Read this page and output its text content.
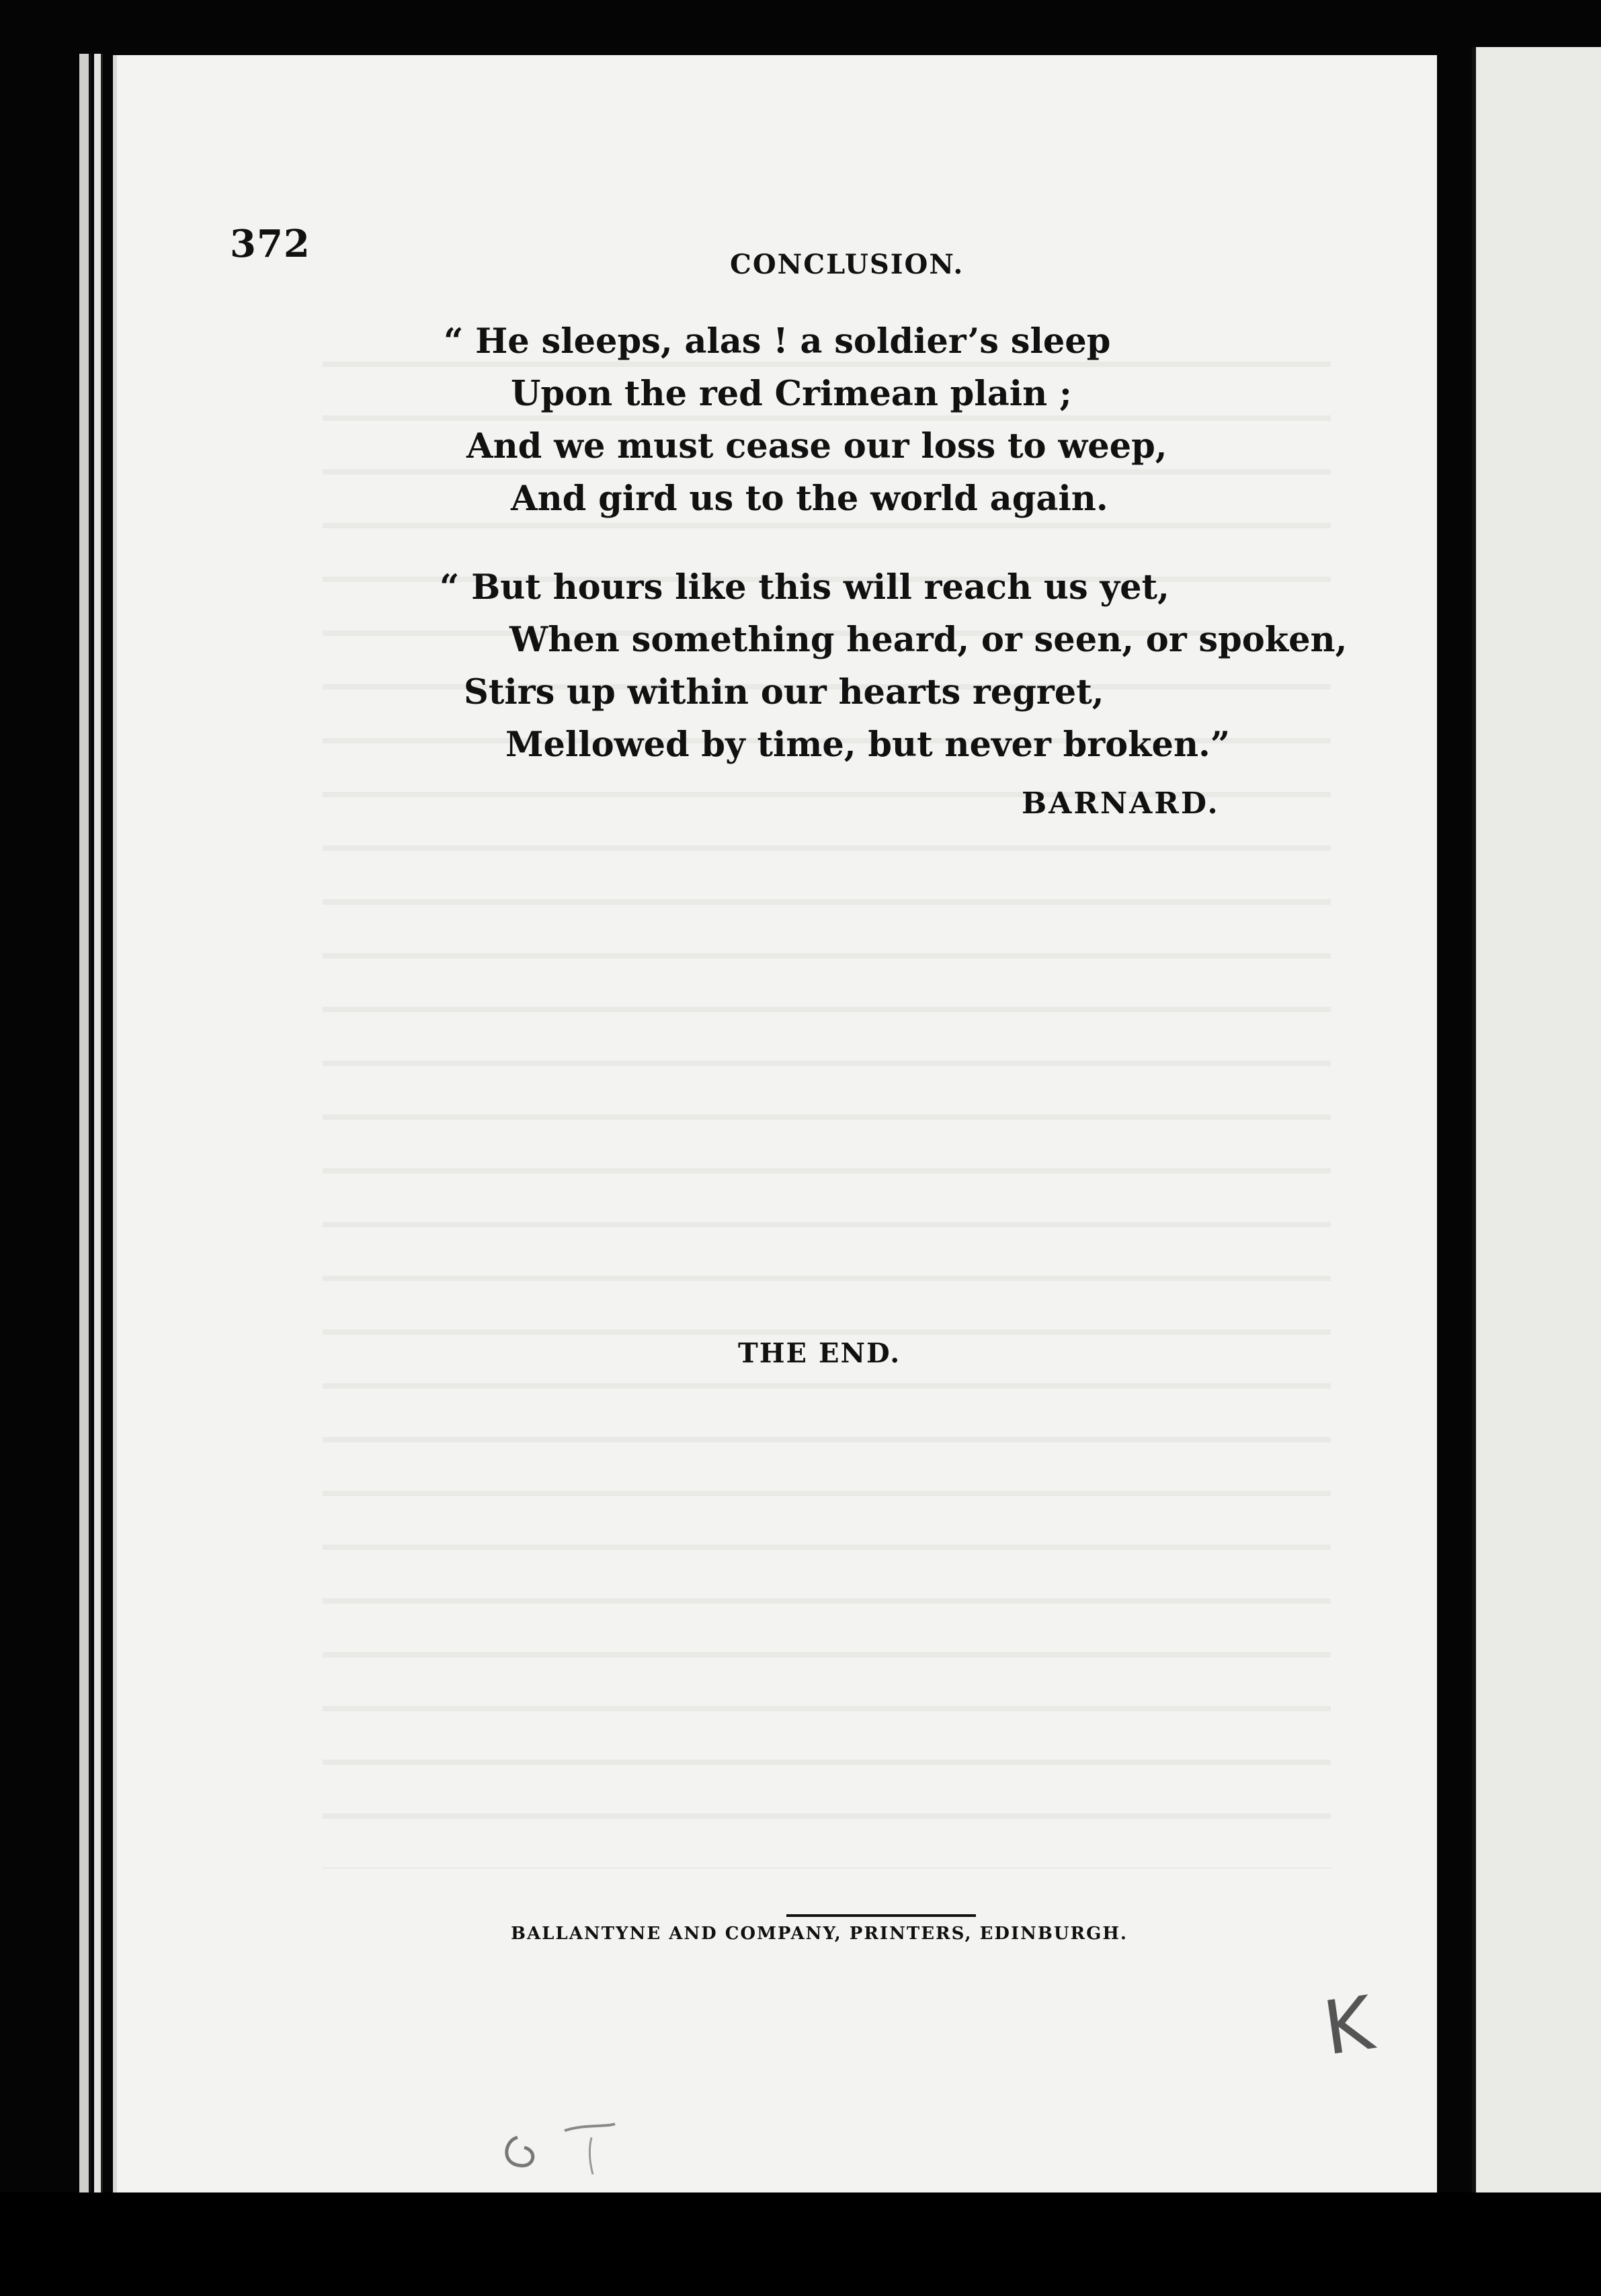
372	CONCLUSION.
“ He sleeps, alas ! a soldier’s sleep
Upon the red Crimean plain ;
And we must cease our loss to weep,
And gird us to the world again.
“ But hours like this will reach us yet,
When something heard, or seen, or spoken,
Stirs up within our hearts regret,
Mellowed by time, but never broken.”
BARNARD.
THE END.
BALLANTYNE AND COMPANY, PRINTERS, EDINBURGH.
K
